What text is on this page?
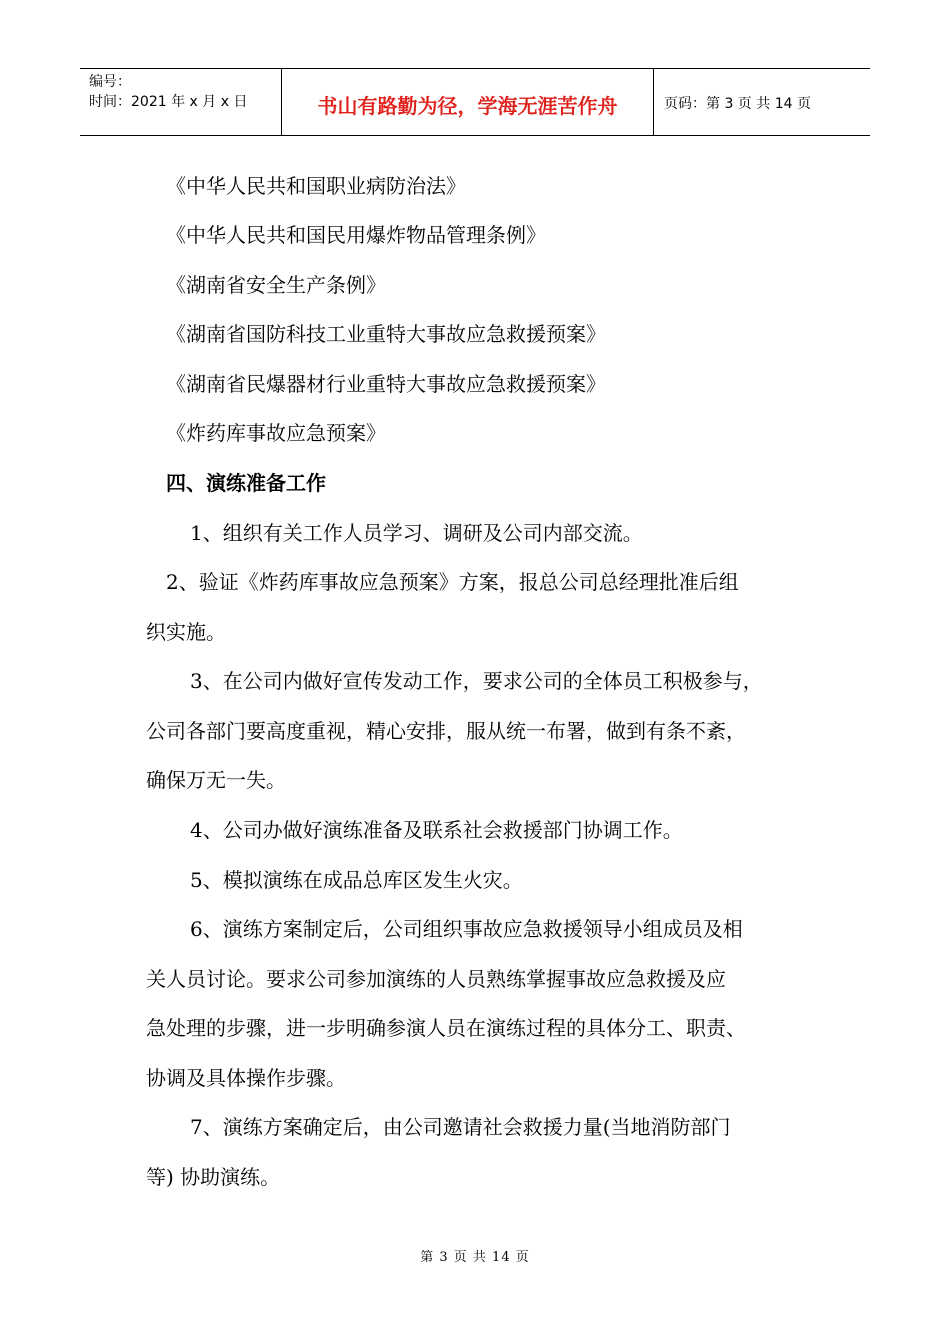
编号：
时间：2021 年 x 月 x 日	书山有路勤为径，学海无涯苦作舟	页码：第 3 页 共 14 页
《中华人民共和国职业病防治法》
《中华人民共和国民用爆炸物品管理条例》
《湖南省安全生产条例》
《湖南省国防科技工业重特大事故应急救援预案》
《湖南省民爆器材行业重特大事故应急救援预案》
《炸药库事故应急预案》
四、演练准备工作
1、组织有关工作人员学习、调研及公司内部交流。
2、验证《炸药库事故应急预案》方案，报总公司总经理批准后组
织实施。
3、在公司内做好宣传发动工作，要求公司的全体员工积极参与，
公司各部门要高度重视，精心安排，服从统一布署，做到有条不紊，
确保万无一失。
4、公司办做好演练准备及联系社会救援部门协调工作。
5、模拟演练在成品总库区发生火灾。
6、演练方案制定后，公司组织事故应急救援领导小组成员及相
关人员讨论。要求公司参加演练的人员熟练掌握事故应急救援及应
急处理的步骤，进一步明确参演人员在演练过程的具体分工、职责、
协调及具体操作步骤。
7、演练方案确定后，由公司邀请社会救援力量(当地消防部门
等) 协助演练。
第 3 页 共 14 页
